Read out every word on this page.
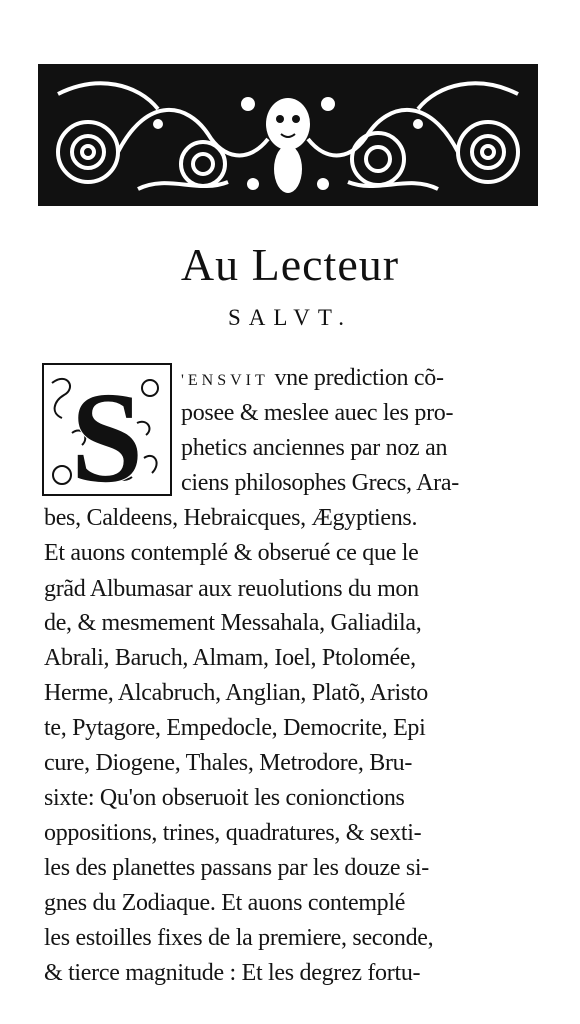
Au Lecteur
SALVT.
S 'ENSVIT vne prediction cõ-
posee & meslee auec les pro-
phetics anciennes par noz an
ciens philosophes Grecs, Ara-
bes, Caldeens, Hebraicques, Ægyptiens.
Et auons contemplé & obserué ce que le
grãd Albumasar aux reuolutions du mon
de, & mesmement Messahala, Galiadila,
Abrali, Baruch, Almam, Ioel, Ptolomée,
Herme, Alcabruch, Anglian, Platõ, Aristo
te, Pytagore, Empedocle, Democrite, Epi
cure, Diogene, Thales, Metrodore, Bru-
sixte: Qu'on obseruoit les conionctions
oppositions, trines, quadratures, & sexti-
les des planettes passans par les douze si-
gnes du Zodiaque. Et auons contemplé
les estoilles fixes de la premiere, seconde,
& tierce magnitude : Et les degrez fortu-
